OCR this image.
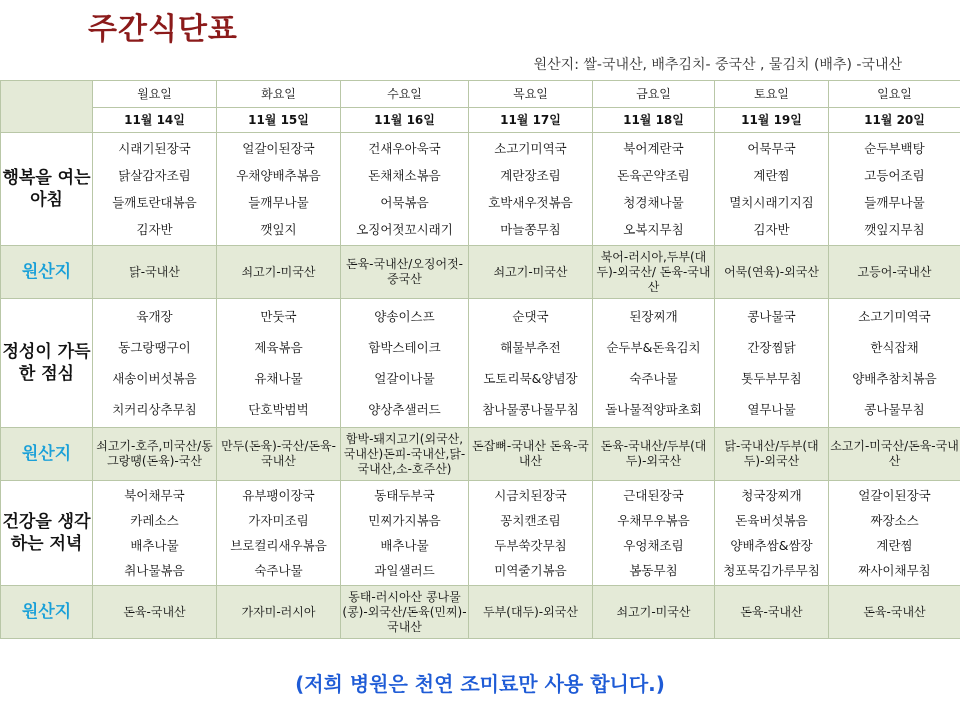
주간식단표
원산지: 쌀-국내산, 배추김치- 중국산 , 물김치 (배추) -국내산
	월요일	화요일	수요일	목요일	금요일	토요일	일요일
	11월 14일	11월 15일	11월 16일	11월 17일	11월 18일	11월 19일	11월 20일
행복을 여는 아침	시래기된장국
닭살감자조림
들깨토란대볶음
김자반	얼갈이된장국
우채양배추볶음
들깨무나물
깻잎지	건새우아욱국
돈채채소볶음
어묵볶음
오징어젓꼬시래기	소고기미역국
계란장조림
호박새우젓볶음
마늘쫑무침	북어계란국
돈육곤약조림
청경채나물
오복지무침	어묵무국
계란찜
멸치시래기지짐
김자반	순두부백탕
고등어조림
들깨무나물
깻잎지무침

원산지	닭-국내산	쇠고기-미국산	돈육-국내산/오징어젓-중국산	쇠고기-미국산	북어-러시아,두부(대두)-외국산/ 돈육-국내산	어묵(연육)-외국산	고등어-국내산
정성이 가득한 점심	육개장
동그랑땡구이
새송이버섯볶음
치커리상추무침	만둣국
제육볶음
유채나물
단호박범벅	양송이스프
함박스테이크
얼갈이나물
양상추샐러드	순댓국
해물부추전
도토리묵&양념장
참나물콩나물무침	된장찌개
순두부&돈육김치
숙주나물
돌나물적양파초회	콩나물국
간장찜닭
톳두부무침
열무나물	소고기미역국
한식잡채
양배추참치볶음
콩나물무침

원산지	쇠고기-호주,미국산/동그랑땡(돈육)-국산	만두(돈육)-국산/돈육-국내산	함박-돼지고기(외국산,국내산)돈피-국내산,닭-국내산,소-호주산)	돈잡뼈-국내산 돈육-국내산	돈육-국내산/두부(대두)-외국산	닭-국내산/두부(대두)-외국산	소고기-미국산/돈육-국내산
건강을 생각하는 저녁	북어채무국
카레소스
배추나물
취나물볶음	유부팽이장국
가자미조림
브로컬리새우볶음
숙주나물	동태두부국
민찌가지볶음
배추나물
과일샐러드	시금치된장국
꽁치캔조림
두부쑥갓무침
미역줄기볶음	근대된장국
우채무우볶음
우엉채조림
봄동무침	청국장찌개
돈육버섯볶음
양배추쌈&쌈장
청포묵김가루무침	얼갈이된장국
짜장소스
계란찜
짜사이채무침

원산지	돈육-국내산	가자미-러시아	동태-러시아산 콩나물(콩)-외국산/돈육(민찌)-국내산	두부(대두)-외국산	쇠고기-미국산	돈육-국내산	돈육-국내산
(저희 병원은 천연 조미료만 사용 합니다.)
